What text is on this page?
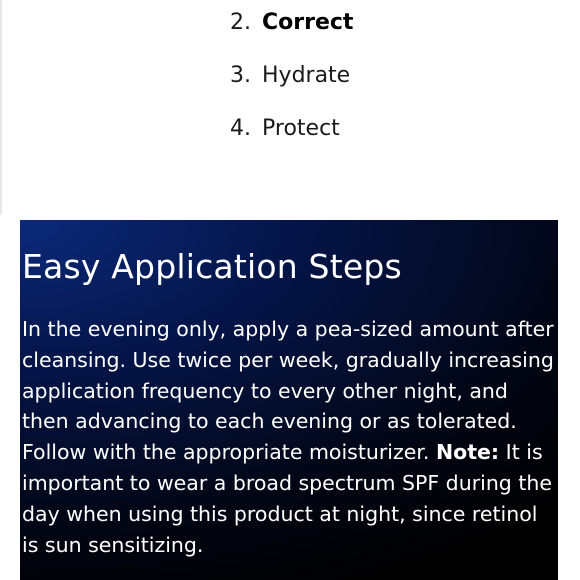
2. Correct
3. Hydrate
4. Protect
Easy Application Steps

In the evening only, apply a pea-sized amount after cleansing. Use twice per week, gradually increasing application frequency to every other night, and then advancing to each evening or as tolerated. Follow with the appropriate moisturizer. Note: It is important to wear a broad spectrum SPF during the day when using this product at night, since retinol is sun sensitizing.
